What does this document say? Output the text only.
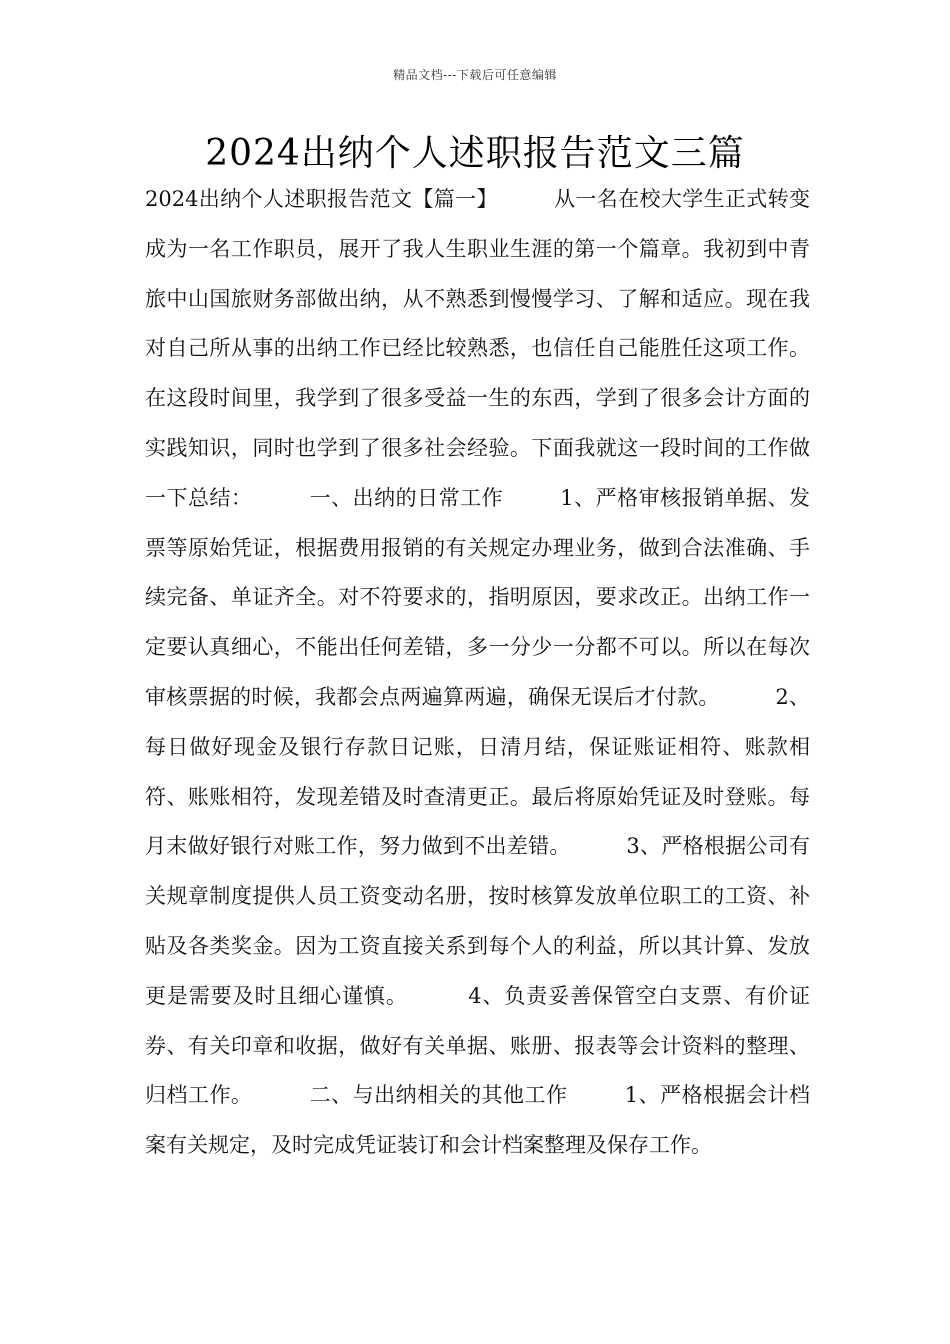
精品文档---下载后可任意编辑
2024出纳个人述职报告范文三篇

2024出纳个人述职报告范文【篇一】        从一名在校大学生正式转变成为一名工作职员，展开了我人生职业生涯的第一个篇章。我初到中青旅中山国旅财务部做出纳，从不熟悉到慢慢学习、了解和适应。现在我对自己所从事的出纳工作已经比较熟悉，也信任自己能胜任这项工作。在这段时间里，我学到了很多受益一生的东西，学到了很多会计方面的实践知识，同时也学到了很多社会经验。下面我就这一段时间的工作做一下总结：        一、出纳的日常工作        1、严格审核报销单据、发票等原始凭证，根据费用报销的有关规定办理业务，做到合法准确、手续完备、单证齐全。对不符要求的，指明原因，要求改正。出纳工作一定要认真细心，不能出任何差错，多一分少一分都不可以。所以在每次审核票据的时候，我都会点两遍算两遍，确保无误后才付款。        2、每日做好现金及银行存款日记账，日清月结，保证账证相符、账款相符、账账相符，发现差错及时查清更正。最后将原始凭证及时登账。每月末做好银行对账工作，努力做到不出差错。        3、严格根据公司有关规章制度提供人员工资变动名册，按时核算发放单位职工的工资、补贴及各类奖金。因为工资直接关系到每个人的利益，所以其计算、发放更是需要及时且细心谨慎。        4、负责妥善保管空白支票、有价证券、有关印章和收据，做好有关单据、账册、报表等会计资料的整理、归档工作。        二、与出纳相关的其他工作        1、严格根据会计档案有关规定，及时完成凭证装订和会计档案整理及保存工作。
